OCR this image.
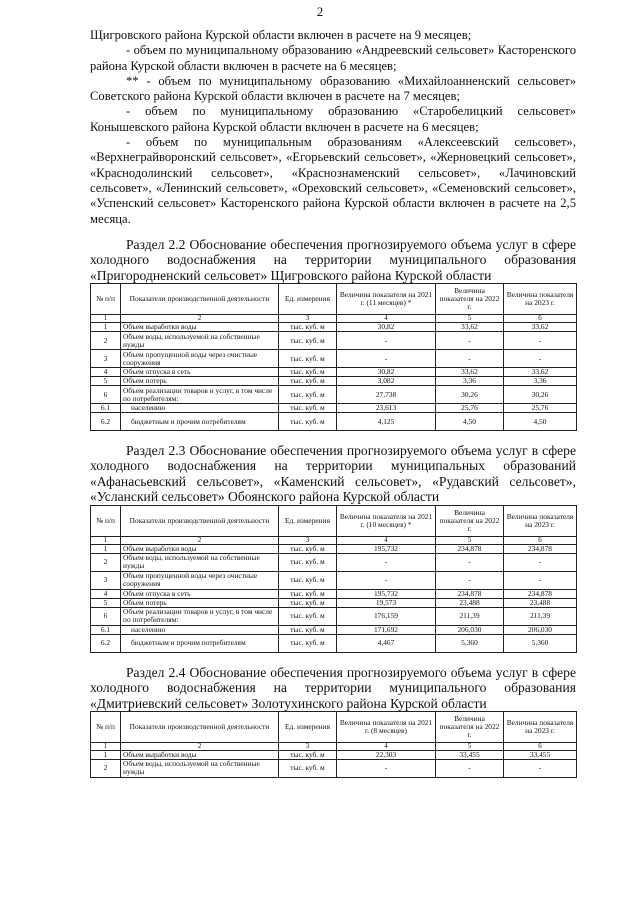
2

Щигровского района Курской области включен в расчете на 9 месяцев;

- объем по муниципальному образованию «Андреевский сельсовет» Касторенского района Курской области включен в расчете на 6 месяцев;

** - объем по муниципальному образованию «Михайлоанненский сельсовет» Советского района Курской области включен в расчете на 7 месяцев;

- объем по муниципальному образованию «Старобелицкий сельсовет» Конышевского района Курской области включен в расчете на 6 месяцев;

- объем по муниципальным образованиям «Алексеевский сельсовет», «Верхнеграйворонский сельсовет», «Егорьевский сельсовет», «Жерновецкий сельсовет», «Краснодолинский сельсовет», «Краснознаменский сельсовет», «Лачиновский сельсовет», «Ленинский сельсовет», «Ореховский сельсовет», «Семеновский сельсовет», «Успенский сельсовет» Касторенского района Курской области включен в расчете на 2,5 месяца.

Раздел 2.2 Обоснование обеспечения прогнозируемого объема услуг в сфере холодного водоснабжения на территории муниципального образования «Пригородненский сельсовет» Щигровского района Курской области

№ п/п	Показатели производственной деятельности	Ед. измерения	Величина показателя на 2021 г. (11 месяцев) *	Величина показателя на 2022 г.	Величина показателя на 2023 г.
1	2	3	4	5	6
1	Объем выработки воды	тыс. куб. м	30,82	33,62	33,62
2	Объем воды, используемой на собственные нужды	тыс. куб. м	-	-	-
3	Объем пропущенной воды через очистные сооружения	тыс. куб. м	-	-	-
4	Объем отпуска в сеть	тыс. куб. м	30,82	33,62	33,62
5	Объем потерь	тыс. куб. м	3,082	3,36	3,36
6	Объем реализации товаров и услуг, в том числе по потребителям:	тыс. куб. м	27,738	30,26	30,26
6.1	населению	тыс. куб. м	23,613	25,76	25,76
6.2	бюджетным и прочим потребителям	тыс. куб. м	4,125	4,50	4,50

Раздел 2.3 Обоснование обеспечения прогнозируемого объема услуг в сфере холодного водоснабжения на территории муниципальных образований «Афанасьевский сельсовет», «Каменский сельсовет», «Рудавский сельсовет», «Усланский сельсовет» Обоянского района Курской области

№ п/п	Показатели производственной деятельности	Ед. измерения	Величина показателя на 2021 г. (10 месяцев) *	Величина показателя на 2022 г.	Величина показателя на 2023 г.
1	2	3	4	5	6
1	Объем выработки воды	тыс. куб. м	195,732	234,878	234,878
2	Объем воды, используемой на собственные нужды	тыс. куб. м	-	-	-
3	Объем пропущенной воды через очистные сооружения	тыс. куб. м	-	-	-
4	Объем отпуска в сеть	тыс. куб. м	195,732	234,878	234,878
5	Объем потерь	тыс. куб. м	19,573	23,488	23,488
6	Объем реализации товаров и услуг, в том числе по потребителям:	тыс. куб. м	176,159	211,39	211,39
6.1	населению	тыс. куб. м	171,692	206,030	206,030
6.2	бюджетным и прочим потребителям	тыс. куб. м	4,467	5,360	5,360

Раздел 2.4 Обоснование обеспечения прогнозируемого объема услуг в сфере холодного водоснабжения на территории муниципального образования «Дмитриевский сельсовет» Золотухинского района Курской области

№ п/п	Показатели производственной деятельности	Ед. измерения	Величина показателя на 2021 г. (8 месяцев)	Величина показателя на 2022 г.	Величина показателя на 2023 г.
1	2	3	4	5	6
1	Объем выработки воды	тыс. куб. м	22,303	33,455	33,455
2	Объем воды, используемой на собственные нужды	тыс. куб. м	-	-	-
